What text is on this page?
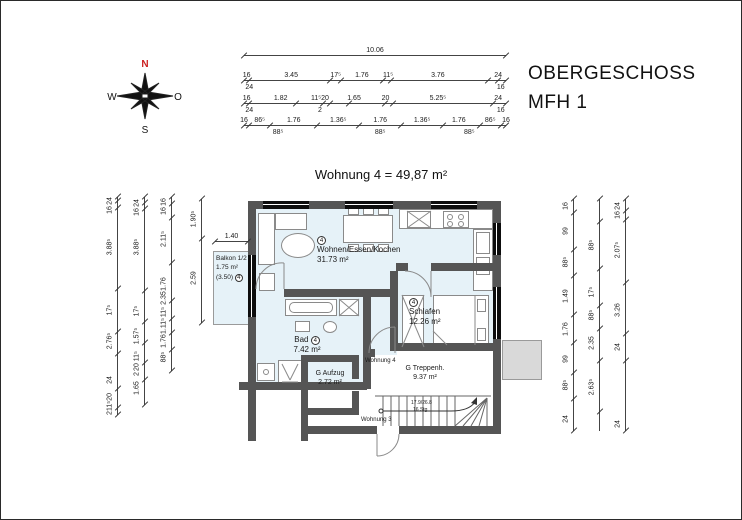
N
W	O
S
OBERGESCHOSS
MFH 1
Wohnung 4 = 49,87 m²
4
Wohnen/Essen/Kochen
31.73 m²
4
Schlafen
12.26 m²
Bad 4
7.42 m²
Balkon 1/2
1.75 m²
(3.50) 4
G Aufzug
2.72 m²
G Treppenh.
9.37 m²
Wohnung 4
Wohnung 3
17.9/26.8
16 Stg
10.06
16	3.45	17⁵ 1.76 11⁵	3.76	24
24	16
16	1.82	11⁵20	1.65	20	5.25⁵	24
24	2	16
16 86⁵	1.76	1.36⁵	1.76	1.36⁵	1.76	86⁵ 16
88⁵	88⁵	88⁵
24
16
3.88⁵
17⁵
2.76⁵
24
11⁵20
2
24
16
3.88⁵
17⁵
1.57⁵
20 11⁵
2
1.65
16
16
2.11⁵
1.76
2.35
11⁵
1.11⁵
1.76
88⁵
1.90⁵
2.59
16
99
88⁵
1.49
1.76
99
88⁵
24
88⁵
17⁵
88⁵
2.35
2.63⁵
24
16
2.07⁵
3.26
24
24
1.40
